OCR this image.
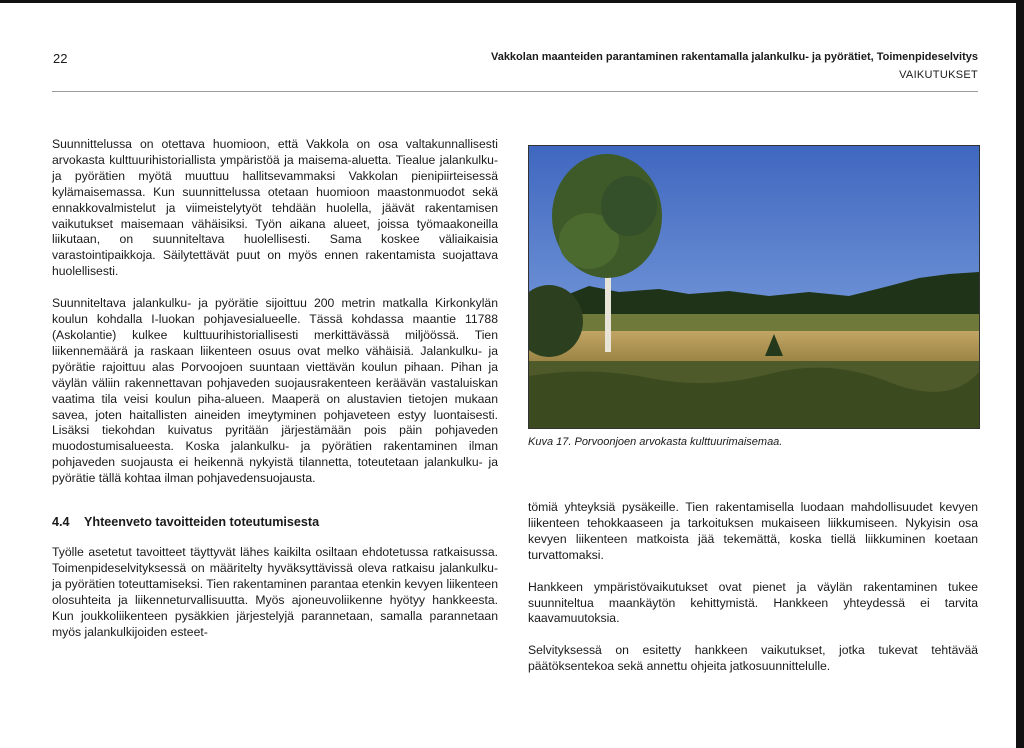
22	Vakkolan maanteiden parantaminen rakentamalla jalankulku- ja pyörätiet, Toimenpideselvitys
VAIKUTUKSET

Suunnittelussa on otettava huomioon, että Vakkola on osa valtakunnallisesti arvokasta kulttuurihistoriallista ympäristöä ja maisema-aluetta. Tiealue jalankulku- ja pyörätien myötä muuttuu hallitsevammaksi Vakkolan pienipiirteisessä kylämaisemassa. Kun suunnittelussa otetaan huomioon maastonmuodot sekä ennakkovalmistelut ja viimeistelytyöt tehdään huolella, jäävät rakentamisen vaikutukset maisemaan vähäisiksi. Työn aikana alueet, joissa työmaakoneilla liikutaan, on suunniteltava huolellisesti. Sama koskee väliaikaisia varastointipaikkoja. Säilytettävät puut on myös ennen rakentamista suojattava huolellisesti.

Suunniteltava jalankulku- ja pyörätie sijoittuu 200 metrin matkalla Kirkonkylän koulun kohdalla I-luokan pohjavesialueelle. Tässä kohdassa maantie 11788 (Askolantie) kulkee kulttuurihistoriallisesti merkittävässä miljöössä. Tien liikennemäärä ja raskaan liikenteen osuus ovat melko vähäisiä. Jalankulku- ja pyörätie rajoittuu alas Porvoojoen suuntaan viettävän koulun pihaan. Pihan ja väylän väliin rakennettavan pohjaveden suojausrakenteen keräävän vastaluiskan vaatima tila veisi koulun piha-alueen. Maaperä on alustavien tietojen mukaan savea, joten haitallisten aineiden imeytyminen pohjaveteen estyy luontaisesti. Lisäksi tiekohdan kuivatus pyritään järjestämään pois päin pohjaveden muodostumisalueesta. Koska jalankulku- ja pyörätien rakentaminen ilman pohjaveden suojausta ei heikennä nykyistä tilannetta, toteutetaan jalankulku- ja pyörätie tällä kohtaa ilman pohjavedensuojausta.

4.4 Yhteenveto tavoitteiden toteutumisesta

Työlle asetetut tavoitteet täyttyvät lähes kaikilta osiltaan ehdotetussa ratkaisussa. Toimenpideselvityksessä on määritelty hyväksyttävissä oleva ratkaisu jalankulku- ja pyörätien toteuttamiseksi. Tien rakentaminen parantaa etenkin kevyen liikenteen olosuhteita ja liikenneturvallisuutta. Myös ajoneuvoliikenne hyötyy hankkeesta. Kun joukkoliikenteen pysäkkien järjestelyjä parannetaan, samalla parannetaan myös jalankulkijoiden esteet-

Kuva 17. Porvoonjoen arvokasta kulttuurimaisemaa.

tömiä yhteyksiä pysäkeille. Tien rakentamisella luodaan mahdollisuudet kevyen liikenteen tehokkaaseen ja tarkoituksen mukaiseen liikkumiseen. Nykyisin osa kevyen liikenteen matkoista jää tekemättä, koska tiellä liikkuminen koetaan turvattomaksi.

Hankkeen ympäristövaikutukset ovat pienet ja väylän rakentaminen tukee suunniteltua maankäytön kehittymistä. Hankkeen yhteydessä ei tarvita kaavamuutoksia.

Selvityksessä on esitetty hankkeen vaikutukset, jotka tukevat tehtävää päätöksentekoa sekä annettu ohjeita jatkosuunnittelulle.
